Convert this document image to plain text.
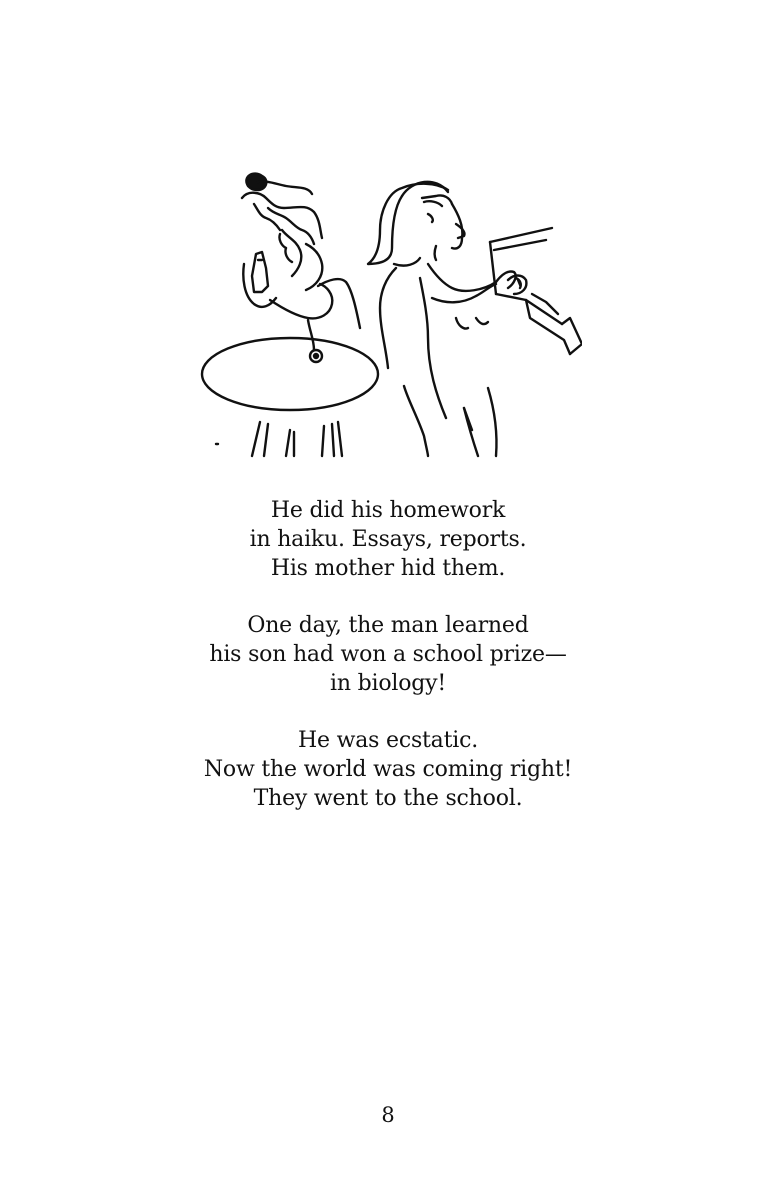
He did his homework
in haiku. Essays, reports.
His mother hid them.
One day, the man learned
his son had won a school prize—
in biology!
He was ecstatic.
Now the world was coming right!
They went to the school.
8
